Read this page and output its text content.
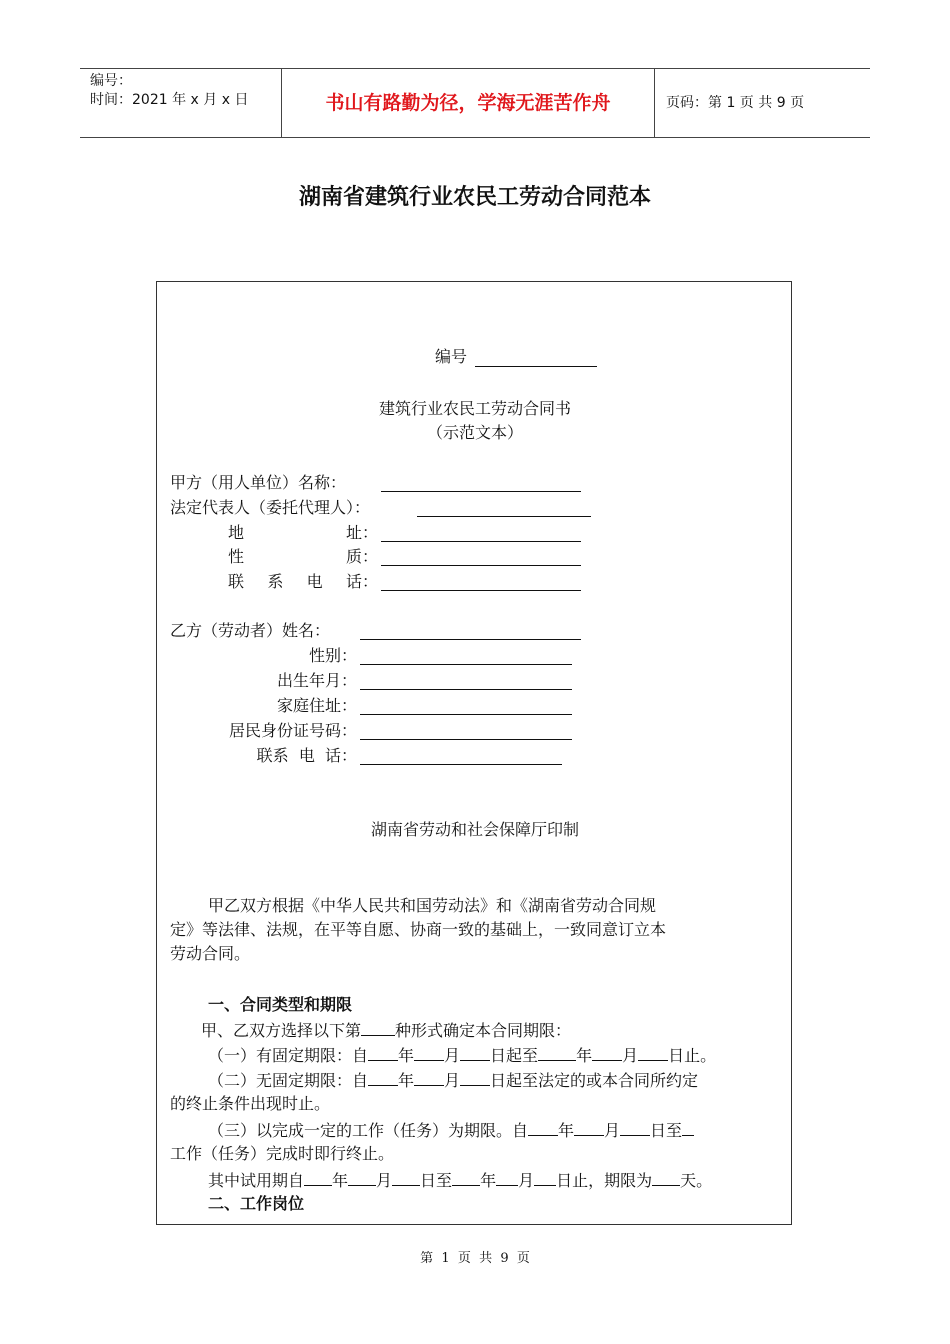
编号：
时间：2021 年 x 月 x 日	书山有路勤为径，学海无涯苦作舟	页码：第 1 页 共 9 页
湖南省建筑行业农民工劳动合同范本
编号
建筑行业农民工劳动合同书
（示范文本）
甲方（用人单位）名称：
法定代表人（委托代理人）：
地	址：
性	质：
联 系 电 话：
乙方（劳动者）姓名：
性别：
出生年月：
家庭住址：
居民身份证号码：
联系  电  话：
湖南省劳动和社会保障厅印制
甲乙双方根据《中华人民共和国劳动法》和《湖南省劳动合同规
定》等法律、法规，在平等自愿、协商一致的基础上，一致同意订立本
劳动合同。
一、合同类型和期限
甲、乙双方选择以下第 种形式确定本合同期限：
（一）有固定期限：自 年 月 日起至 年 月 日止。
（二）无固定期限：自 年 月 日起至法定的或本合同所约定
的终止条件出现时止。
（三）以完成一定的工作（任务）为期限。自 年 月 日至
工作（任务）完成时即行终止。
其中试用期自 年 月 日至 年 月 日止，期限为 天。
二、工作岗位
第  1  页  共  9  页
